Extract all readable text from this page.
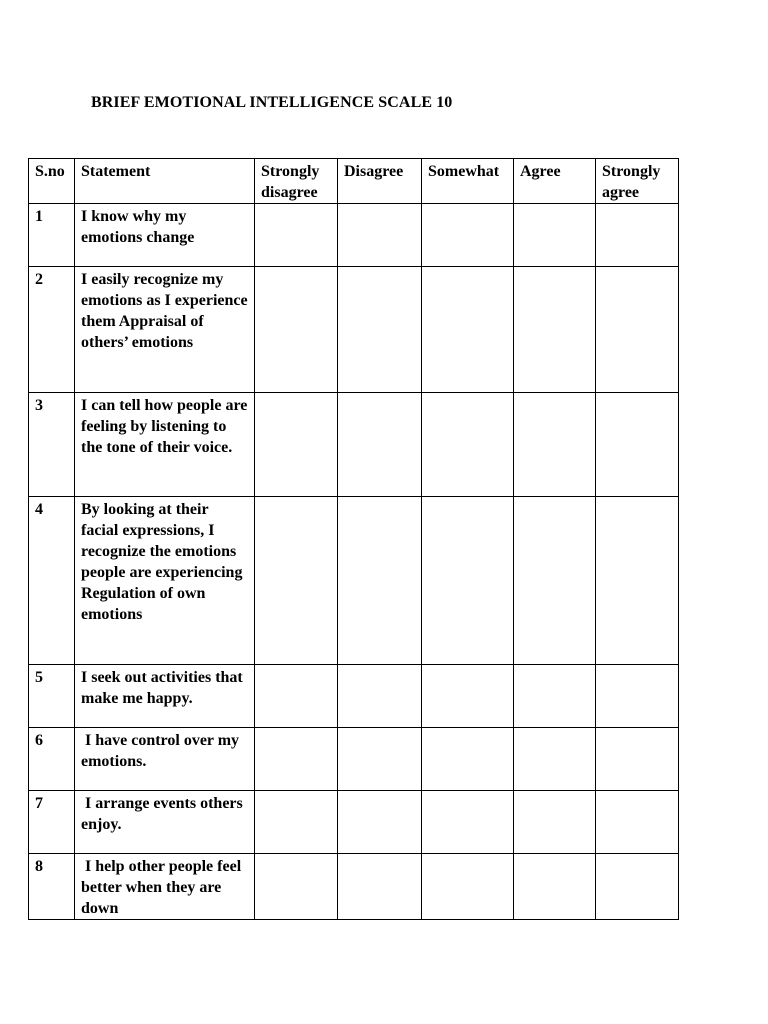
BRIEF EMOTIONAL INTELLIGENCE SCALE 10
S.no	Statement	Strongly disagree	Disagree	Somewhat	Agree	Strongly agree
1	I know why my emotions change					
2	I easily recognize my emotions as I experience them Appraisal of others’ emotions					
3	I can tell how people are feeling by listening to the tone of their voice.					
4	By looking at their facial expressions, I recognize the emotions people are experiencing Regulation of own emotions					
5	I seek out activities that make me happy.					
6	I have control over my emotions.					
7	I arrange events others enjoy.					
8	I help other people feel better when they are down					
